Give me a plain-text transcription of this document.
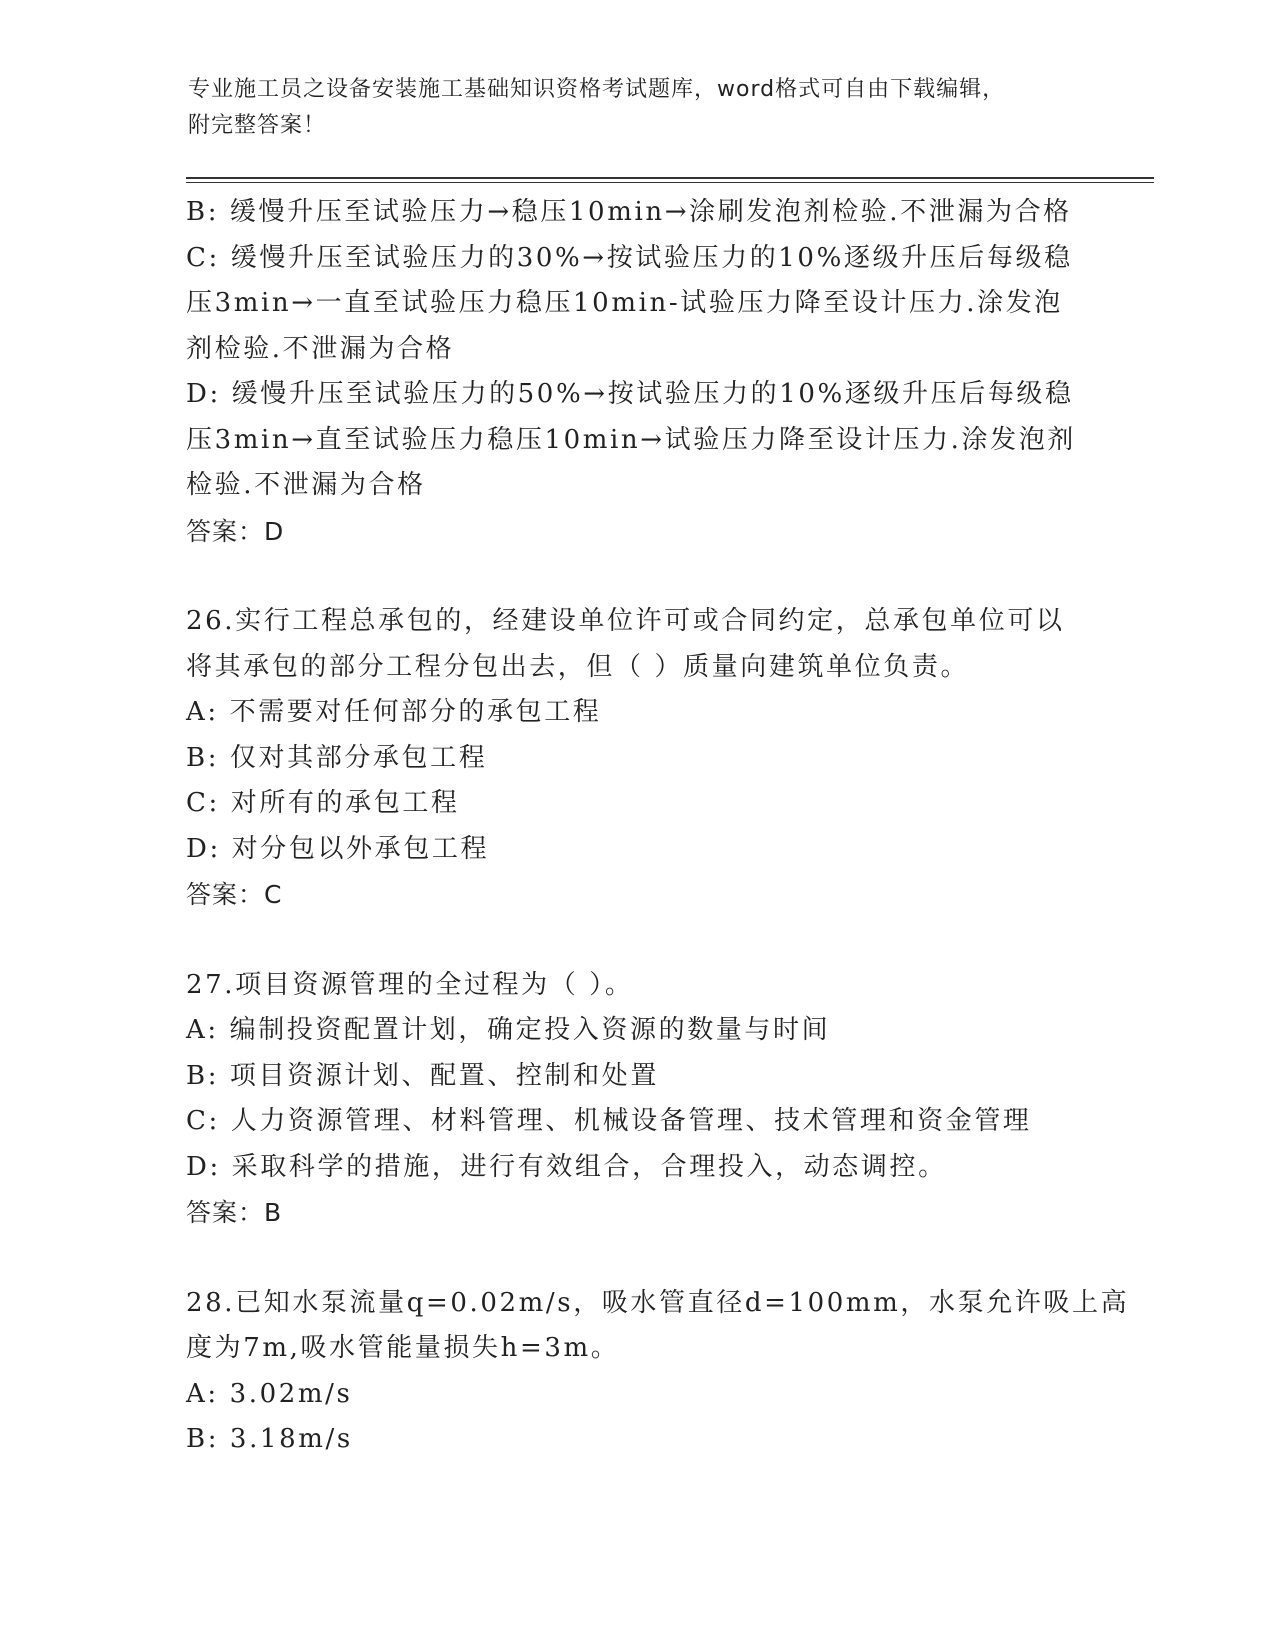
专业施工员之设备安装施工基础知识资格考试题库，word格式可自由下载编辑，
附完整答案！
B: 缓慢升压至试验压力→稳压10min→涂刷发泡剂检验.不泄漏为合格
C: 缓慢升压至试验压力的30%→按试验压力的10%逐级升压后每级稳
压3min→一直至试验压力稳压10min-试验压力降至设计压力.涂发泡
剂检验.不泄漏为合格
D: 缓慢升压至试验压力的50%→按试验压力的10%逐级升压后每级稳
压3min→直至试验压力稳压10min→试验压力降至设计压力.涂发泡剂
检验.不泄漏为合格
答案：D
26.实行工程总承包的，经建设单位许可或合同约定，总承包单位可以
将其承包的部分工程分包出去，但（ ）质量向建筑单位负责。
A: 不需要对任何部分的承包工程
B: 仅对其部分承包工程
C: 对所有的承包工程
D: 对分包以外承包工程
答案：C
27.项目资源管理的全过程为（ ）。
A: 编制投资配置计划，确定投入资源的数量与时间
B: 项目资源计划、配置、控制和处置
C: 人力资源管理、材料管理、机械设备管理、技术管理和资金管理
D: 采取科学的措施，进行有效组合，合理投入，动态调控。
答案：B
28.已知水泵流量q=0.02m/s，吸水管直径d=100mm，水泵允许吸上高
度为7m,吸水管能量损失h=3m。
A: 3.02m/s
B: 3.18m/s
